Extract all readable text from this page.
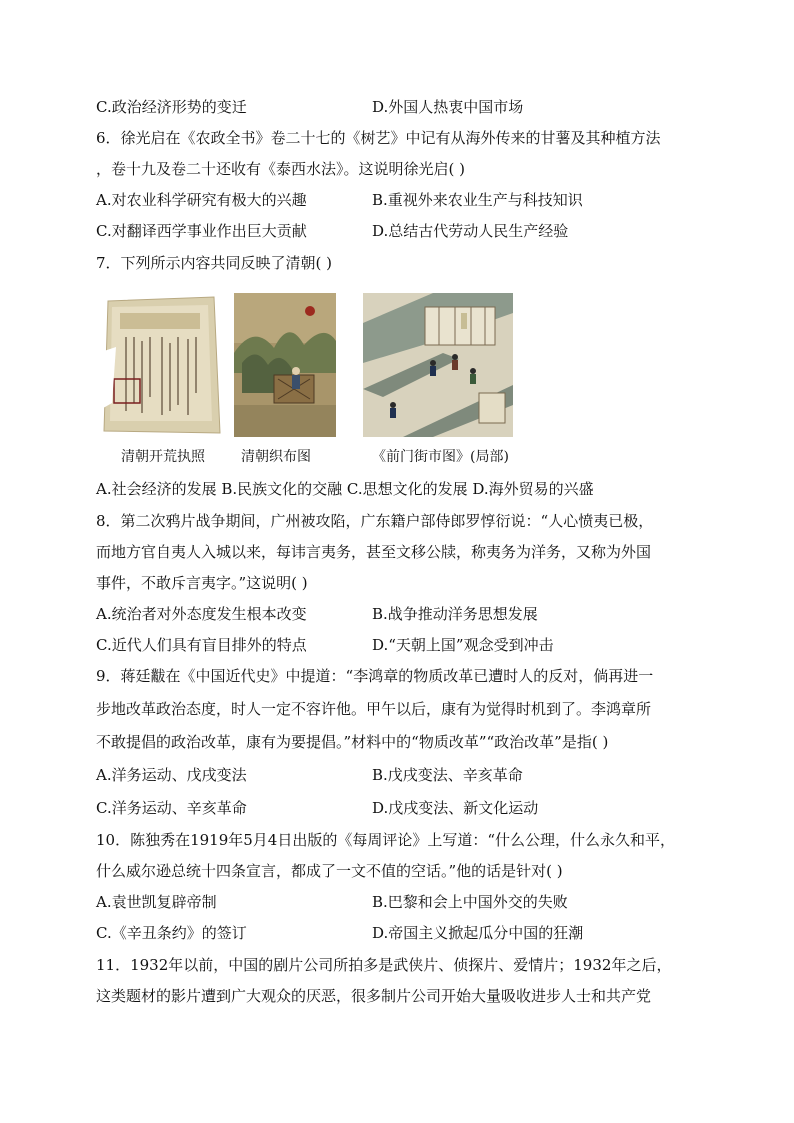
C.政治经济形势的变迁	D.外国人热衷中国市场
6．徐光启在《农政全书》卷二十七的《树艺》中记有从海外传来的甘薯及其种植方法
，卷十九及卷二十还收有《泰西水法》。这说明徐光启( )
A.对农业科学研究有极大的兴趣	B.重视外来农业生产与科技知识
C.对翻译西学事业作出巨大贡献	D.总结古代劳动人民生产经验
7．下列所示内容共同反映了清朝( )
清朝开荒执照	清朝织布图	《前门街市图》(局部)
A.社会经济的发展 B.民族文化的交融 C.思想文化的发展 D.海外贸易的兴盛
8．第二次鸦片战争期间，广州被攻陷，广东籍户部侍郎罗惇衍说：“人心愤夷已极，
而地方官自夷人入城以来，每讳言夷务，甚至文移公牍，称夷务为洋务，又称为外国
事件，不敢斥言夷字。”这说明( )
A.统治者对外态度发生根本改变	B.战争推动洋务思想发展
C.近代人们具有盲目排外的特点	D.“天朝上国”观念受到冲击
9．蒋廷黻在《中国近代史》中提道：“李鸿章的物质改革已遭时人的反对，倘再进一
步地改革政治态度，时人一定不容许他。甲午以后，康有为觉得时机到了。李鸿章所
不敢提倡的政治改革，康有为要提倡。”材料中的“物质改革”“政治改革”是指( )
A.洋务运动、戊戌变法	B.戊戌变法、辛亥革命
C.洋务运动、辛亥革命	D.戊戌变法、新文化运动
10．陈独秀在1919年5月4日出版的《每周评论》上写道：“什么公理，什么永久和平，
什么威尔逊总统十四条宣言，都成了一文不值的空话。”他的话是针对( )
A.袁世凯复辟帝制	B.巴黎和会上中国外交的失败
C.《辛丑条约》的签订	D.帝国主义掀起瓜分中国的狂潮
11．1932年以前，中国的剧片公司所拍多是武侠片、侦探片、爱情片；1932年之后，
这类题材的影片遭到广大观众的厌恶，很多制片公司开始大量吸收进步人士和共产党
